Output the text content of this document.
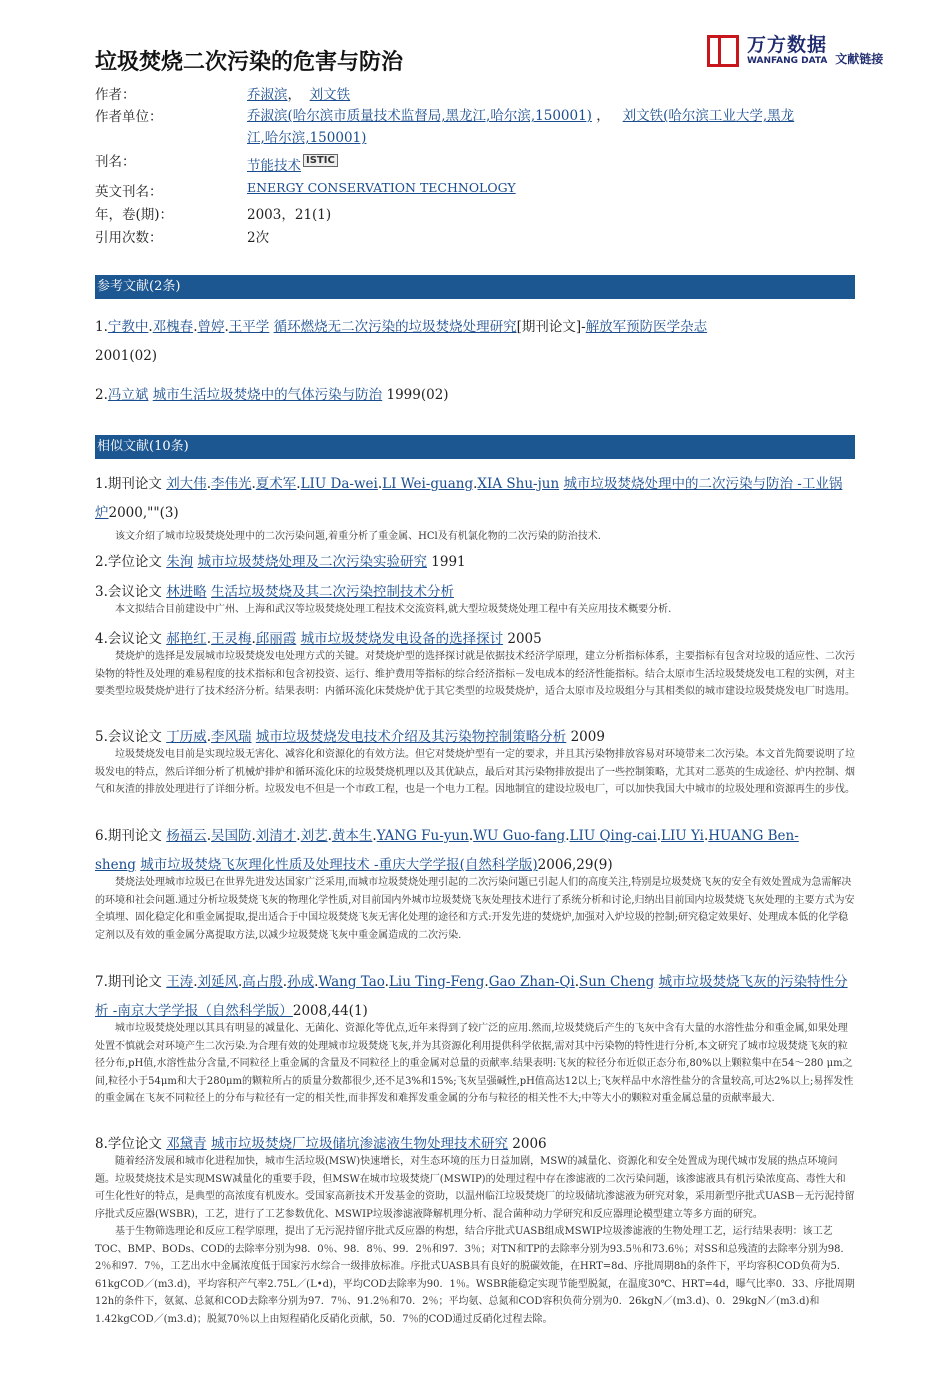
垃圾焚烧二次污染的危害与防治
万方数据
WANFANG DATA 文献链接
作者：	乔淑滨，  刘文铁
作者单位：	乔淑滨(哈尔滨市质量技术监督局,黑龙江,哈尔滨,150001) ，   刘文铁(哈尔滨工业大学,黑龙
江,哈尔滨,150001)
刊名：	节能技术 ISTIC
英文刊名：	ENERGY CONSERVATION TECHNOLOGY
年，卷(期)：	2003，21(1)
引用次数：	2次
参考文献(2条)
1.宁教中.邓槐春.曾婷.王平学 循环燃烧无二次污染的垃圾焚烧处理研究[期刊论文]-解放军预防医学杂志
2001(02)
2.冯立斌 城市生活垃圾焚烧中的气体污染与防治 1999(02)
相似文献(10条)
1.期刊论文 刘大伟.李伟光.夏术军.LIU Da-wei.LI Wei-guang.XIA Shu-jun 城市垃圾焚烧处理中的二次污染与防治 -工业锅炉2000,""(3)

该文介绍了城市垃圾焚烧处理中的二次污染问题,着重分析了重金属、HCl及有机氯化物的二次污染的防治技术.

2.学位论文 朱洵 城市垃圾焚烧处理及二次污染实验研究 1991
3.会议论文 林进略 生活垃圾焚烧及其二次污染控制技术分析

本文拟结合目前建设中广州、上海和武汉等垃圾焚烧处理工程技术交流资料,就大型垃圾焚烧处理工程中有关应用技术概要分析.

4.会议论文 郝艳红.王灵梅.邱丽霞 城市垃圾焚烧发电设备的选择探讨 2005

焚烧炉的选择是发展城市垃圾焚烧发电处理方式的关键。对焚烧炉型的选择探讨就是依据技术经济学原理，建立分析指标体系，主要指标有包含对垃圾的适应性、二次污染物的特性及处理的难易程度的技术指标和包含初投资、运行、维护费用等指标的综合经济指标－发电成本的经济性能指标。结合太原市生活垃圾焚烧发电工程的实例，对主要类型垃圾焚烧炉进行了技术经济分析。结果表明：内循环流化床焚烧炉优于其它类型的垃圾焚烧炉，适合太原市及垃圾组分与其相类似的城市建设垃圾焚烧发电厂时选用。

5.会议论文 丁历威.李风瑞 城市垃圾焚烧发电技术介绍及其污染物控制策略分析 2009

垃圾焚烧发电目前是实现垃圾无害化、减容化和资源化的有效方法。但它对焚烧炉型有一定的要求，并且其污染物排放容易对环境带来二次污染。本文首先简要说明了垃圾发电的特点，然后详细分析了机械炉排炉和循环流化床的垃圾焚烧机理以及其优缺点，最后对其污染物排放提出了一些控制策略，尤其对二恶英的生成途径、炉内控制、烟气和灰渣的排放处理进行了详细分析。垃圾发电不但是一个市政工程，也是一个电力工程。因地制宜的建设垃圾电厂，可以加快我国大中城市的垃圾处理和资源再生的步伐。

6.期刊论文 杨福云.吴国防.刘清才.刘艺.黄本生.YANG Fu-yun.WU Guo-fang.LIU Qing-cai.LIU Yi.HUANG Ben-sheng 城市垃圾焚烧飞灰理化性质及处理技术 -重庆大学学报(自然科学版)2006,29(9)

焚烧法处理城市垃圾已在世界先进发达国家广泛采用,而城市垃圾焚烧处理引起的二次污染问题已引起人们的高度关注,特别是垃圾焚烧飞灰的安全有效处置成为急需解决的环境和社会问题.通过分析垃圾焚烧飞灰的物理化学性质,对目前国内外城市垃圾焚烧飞灰处理技术进行了系统分析和讨论,归纳出目前国内垃圾焚烧飞灰处理的主要方式为安全填埋、固化稳定化和重金属提取,提出适合于中国垃圾焚烧飞灰无害化处理的途径和方式:开发先进的焚烧炉,加强对入炉垃圾的控制;研究稳定效果好、处理成本低的化学稳定剂以及有效的重金属分离提取方法,以减少垃圾焚烧飞灰中重金属造成的二次污染.

7.期刊论文 王涛.刘延风.高占殷.孙成.Wang Tao.Liu Ting-Feng.Gao Zhan-Qi.Sun Cheng 城市垃圾焚烧飞灰的污染特性分析 -南京大学学报（自然科学版）2008,44(1)

城市垃圾焚烧处理以其具有明显的减量化、无菌化、资源化等优点,近年来得到了较广泛的应用.然而,垃圾焚烧后产生的飞灰中含有大量的水溶性盐分和重金属,如果处理处置不慎就会对环境产生二次污染.为合理有效的处理城市垃圾焚烧飞灰,并为其资源化利用提供科学依据,需对其中污染物的特性进行分析,本文研究了城市垃圾焚烧飞灰的粒径分布,pH值,水溶性盐分含量,不同粒径上重金属的含量及不同粒径上的重金属对总量的贡献率.结果表明:飞灰的粒径分布近似正态分布,80%以上颗粒集中在54～280 μm之间,粒径小于54μm和大于280μm的颗粒所占的质量分数都很少,还不足3%和15%;飞灰呈强碱性,pH值高达12以上;飞灰样品中水溶性盐分的含量较高,可达2%以上;易挥发性的重金属在飞灰不同粒径上的分布与粒径有一定的相关性,而非挥发和难挥发重金属的分布与粒径的相关性不大;中等大小的颗粒对重金属总量的贡献率最大.

8.学位论文 邓黛青 城市垃圾焚烧厂垃圾储坑渗滤液生物处理技术研究 2006

随着经济发展和城市化进程加快，城市生活垃圾(MSW)快速增长，对生态环境的压力日益加剧，MSW的减量化、资源化和安全处置成为现代城市发展的热点环境问题。垃圾焚烧技术是实现MSW减量化的重要手段，但MSW在城市垃圾焚烧厂(MSWIP)的处理过程中存在渗滤液的二次污染问题，该渗滤液具有机污染浓度高、毒性大和可生化性好的特点，是典型的高浓度有机废水。受国家高新技术开发基金的资助，以温州临江垃圾焚烧厂的垃圾储坑渗滤液为研究对象，采用新型序批式UASB－无污泥持留序批式反应器(WSBR)，工艺，进行了工艺参数优化、MSWIP垃圾渗滤液降解机理分析、混合菌种动力学研究和反应器理论模型建立等多方面的研究。

基于生物筛选理论和反应工程学原理，提出了无污泥持留序批式反应器的构想，结合序批式UASB组成MSWIP垃圾渗滤液的生物处理工艺，运行结果表明：该工艺TOC、BMP、BODs、COD的去除率分别为98．0％、98．8％、99．2％和97．3％；对TN和TP的去除率分别为93.5％和73.6％；对SS和总残渣的去除率分别为98．2％和97．7％，工艺出水中金属浓度低于国家污水综合一级排放标准。序批式UASB具有良好的脱碳效能，在HRT=8d、序批周期8h的条件下，平均容积COD负荷为5．61kgCOD／(m3.d)，平均容积产气率2.75L／(L•d)，平均COD去除率为90．1％。WSBR能稳定实现节能型脱氮，在温度30℃、HRT=4d，曝气比率0．33、序批周期12h的条件下，氨氮、总氮和COD去除率分别为97．7％、91.2％和70．2％；平均氨、总氮和COD容积负荷分别为0．26kgN／(m3.d)、0．29kgN／(m3.d)和1.42kgCOD／(m3.d)；脱氮70％以上由短程硝化反硝化贡献，50．7％的COD通过反硝化过程去除。
